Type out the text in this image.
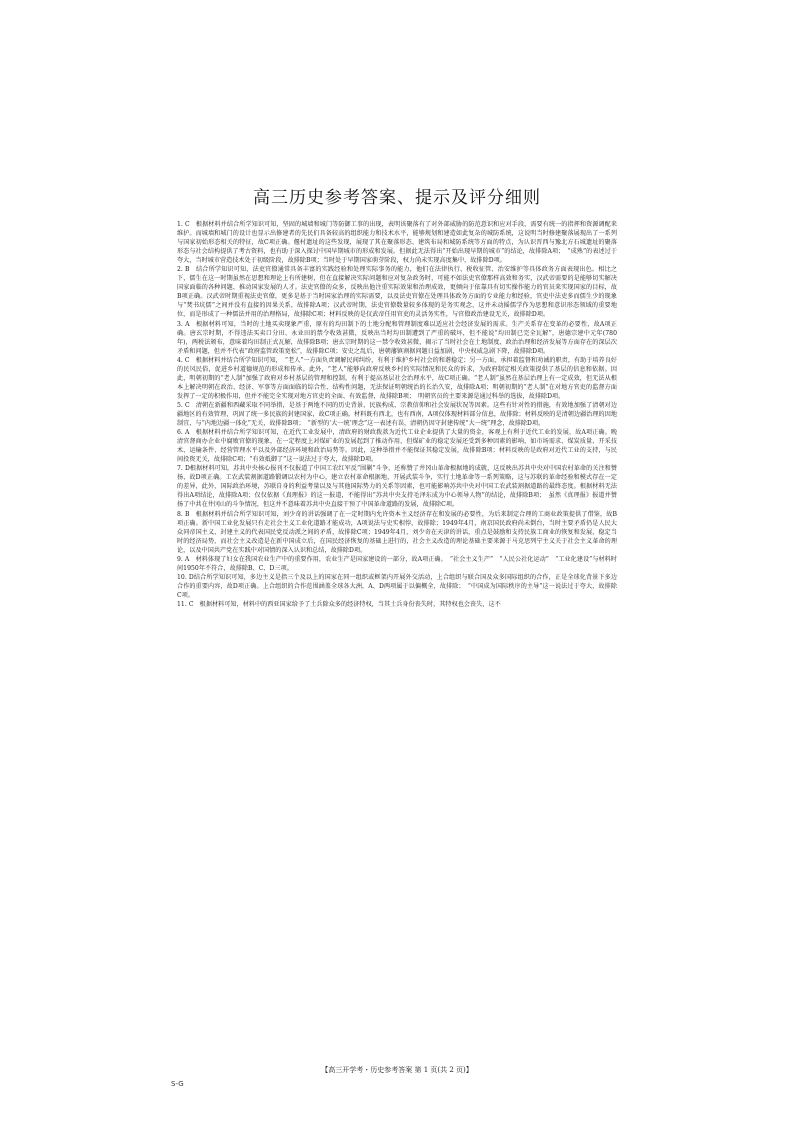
高三历史参考答案、提示及评分细则

1. C　根据材料并结合所学知识可知，坚固的城墙和城门等防御工事的出现，表明该聚落有了对外部威胁的防范意识和应对手段，需要有统一的指挥和资源调配来维护。而城墙和城门的设计也显示出修建者的先民们具备较高的组织能力和技术水平，能够规划和建造如此复杂的城防系统，这说明当时修建聚落展现出了一系列与国家初始形态相关的特征，故C项正确。偃村遗址的这些发现，展现了其在聚落形态、建筑布局和城防系统等方面的特点，为认识晋西与豫北方石城遗址的聚落形态与社会结构提供了考古资料，也有助于深入探讨中国早期城市的形成和发展。但据此无法得出“开始出现早期的城市”的结论，故排除A项；　“成熟”的表述过于夸大，当时城市营造技术处于初级阶段，故排除B项；当时处于早期国家萌芽阶段，权力尚未实现高度集中，故排除D项。

2. B　结合所学知识可知，法吏官僚通常具备丰富的实践经验和处理实际事务的能力，他们在法律执行、税收征管、治安维护等具体政务方面表现出色。相比之下，儒生在这一时期虽然在思想和理论上有所建树，但在直接解决实际问题和应对复杂政务时，可能不如法吏官僚那样高效和务实，汉武帝需要的是能够切实解决国家面临的各种问题、推动国家发展的人才。法吏官僚的众多，反映出他注重实际效果和治理成效，更倾向于依靠具有切实操作能力的官员来实现国家的目标，故B项正确。汉武帝时期重视法吏官僚，更多是基于当时国家治理的实际需要，以及法吏官僚在处理具体政务方面的专业能力和经验，官吏中法吏多而儒生少的现象与“焚书坑儒”之间并没有直接的因果关系，故排除A项；汉武帝时期，法吏官僚数量较多体现的是务实观念，这并未动摇儒学作为思想和意识形态领域的重要地位，而是形成了一种儒法并用的治理格局，故排除C项；材料反映的是仅武帝任用官吏的灵活务实性，与官僚政治建设无关，故排除D项。

3. A　根据材料可知，当时的土地买卖现象严重，原有的均田制下的土地分配和管理制度难以适应社会经济发展的需求。生产关系存在变革的必要性，故A项正确。唐玄宗时期，不得违法买卖口分田、永业田的禁令收效甚微，反映出当时均田制遭到了严重的破坏，但不能说“均田制已完全瓦解”，唐德宗建中元年(780年)，两税法颁布，意味着均田制正式瓦解，故排除B项；唐玄宗时期的这一禁令收效甚微，揭示了当时社会在土地制度、政治治理和经济发展等方面存在的深层次矛盾和问题，但并不代表“政府监管政策宽松”，故排除C项；安史之乱后，唐朝藩镇割据问题日益加剧，中央权威急剧下降，故排除D项。

4. C　根据材料并结合所学知识可知，　“老人”一方面负责调解民间纠纷，有利于维护乡村社会的和谐稳定；另一方面，承担着监督和劝诫的职责，有助于培养良好的民风民俗，促进乡村道德规范的形成和传承。此外，“老人”能够向政府反映乡村的实际情况和民众的诉求，为政府制定相关政策提供了基层的信息和依据。因此，明朝初期的“老人制”加强了政府对乡村基层的管理和控制，有利于提高基层社会治理水平，故C项正确。“老人制”虽然在基层治理上有一定成效，但无法从根本上解决明朝在政治、经济、军事等方面面临的综合性、结构性问题，无法保证明朝统治的长治久安，故排除A项；明朝初期的“老人制”在对地方官吏的监督方面发挥了一定的积极作用，但并不能完全实现对地方官吏的全面、有效监督，故排除B项；　明朝官员的主要来源是通过科举的选拔，故排除D项。

5. C　清朝在新疆和西藏采取不同举措，是基于两地不同的历史背景、民族构成、宗教信仰和社会发展状况等因素。这些有针对性的措施，有效地加强了清朝对边疆地区的有效管理，巩固了统一多民族的封建国家，故C项正确。材料既有西北，也有西南，A项仅体现材料部分信息，故排除；材料反映的是清朝边疆治理的因地制宜，与“内地边疆一体化”无关，故排除B项；　“新型的‘大一统’理念”这一表述有误，清朝仍因守封建传统“大一统”理念，故排除D项。

6. A　根据材料并结合所学知识可知，在近代工业发展中，清政府的财政拨款为近代工业企业提供了大量的资金，客观上有利于近代工业的发展，故A项正确。晚清官督商办企业中腐败官僚的现象，在一定程度上对煤矿业的发展起到了推动作用，但煤矿业的稳定发展还受到多种因素的影响，如市场需求、煤炭质量、开采技术、运输条件、经营管理水平以及外部经济环境和政治局势等。因此，这种举措并不能保证其稳定发展，故排除B项；材料反映的是政府对近代工业的支持，与民间投资无关，故排除C项；“有效抵御了”这一说法过于夸大，故排除D项。

7. D根据材料可知，苏共中央核心报刊不仅报道了中国工农红军反“围剿”斗争，还称赞了井冈山革命根据地的成就，这反映出苏共中央对中国农村革命的关注和赞扬，故D项正确。工农武装割据道路锻调以农村为中心，建立农村革命根据地，开展武装斗争，实行土地革命等一系列策略，这与苏联的革命经验和模式存在一定的差异，此外，国际政治环境，苏联自身的利益考量以及与其他国际势力的关系等因素，也可能影响苏共中央对中国工农武装割据道路的最终态度。根据材料无法得出A项结论，故排除A项；仅仅依据《真理报》的这一报道，不能得出“苏共中央支持毛泽东成为中心领导人物”的结论，故排除B项；　虽然《真理报》报道并赞扬了中共在井冈山的斗争情况，但这并不意味着苏共中央直接干预了中国革命道路的发展，故排除C项。

8. B　根据材料并结合所学知识可知，刘少奇的讲话强调了在一定时期内允许资本主义经济存在和发展的必要性，为后来制定合理的工商业政策提供了借鉴，故B项正确。新中国工业化发展只有走社会主义工业化道路才能成功，A项说法与史实相悖，故排除；1949年4月，南京国民政府尚未倒台，当时主要矛盾仍是人民大众同帝国主义、封建主义的代表国民党反动派之间的矛盾，故排除C项；1949年4月，刘少奇在天津的讲话，重点是鼓励和支持民族工商业的恢复和发展，稳定当时的经济局势，而社会主义改造是在新中国成立后，在国民经济恢复的基础上进行的，社会主义改造的理论基础主要来源于马克思列宁主义关于社会主义革命的理论，以及中国共产党在实践中对国情的深入认识和总结，故排除D项。

9. A　材料体现了妇女在我国农业生产中的重要作用，农业生产是国家建设的一部分，故A项正确。　“社会主义生产”　“人民公社化运动”　“工业化建设”与材料时间1950年不符合，故排除B、C、D三项。

10. D结合所学知识可知，多边主义是指三个及以上的国家在同一组织或框架内开展外交活动，上合组织与联合国及众多国际组织的合作，正是全球化背景下多边合作的重要内容，故D项正确。上合组织的合作范围涵盖全球各大洲，A、D两项属于以偏概全，故排除；　“中国成为国际秩序的主导”这一说法过于夸大，故排除C项。

11. C　根据材料可知，材料中的西亚国家给予了土兵除众多的经济特权，当其士兵身份丧失时，其特权也会丧失，这不

【高三开学考・历史参考答案 第 1 页(共 2 页)】
S-G
